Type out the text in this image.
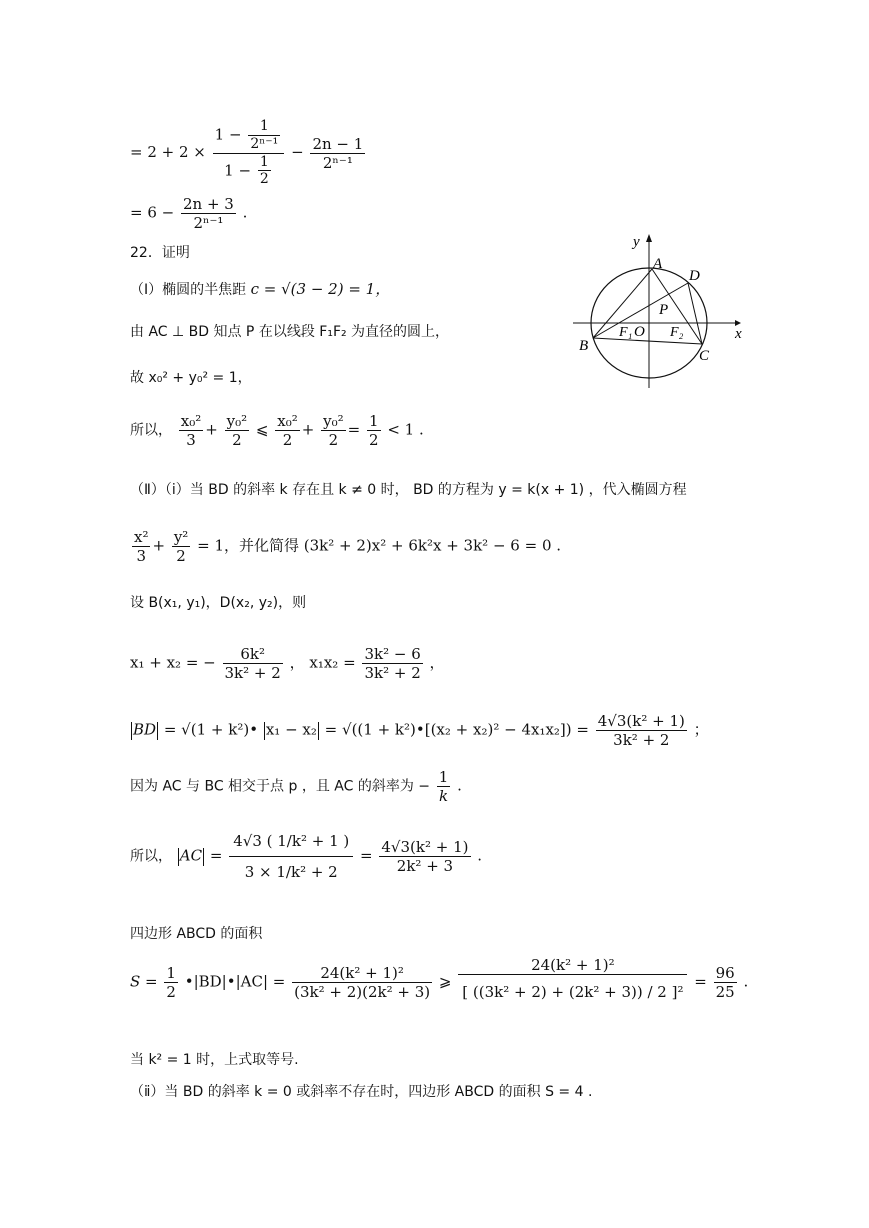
= $2 + 2 \times \frac{1 - \frac{1}{\text{2ⁿ⁻¹}}}{1 - \frac{1}{2}} - \frac{2n - 1}{\text{2ⁿ⁻¹}}$
= $6 - \frac{2n + 3}{\text{2ⁿ⁻¹}}$ .
22．证明
（Ⅰ）椭圆的半焦距 c = √(3 − 2) = 1，
由 AC ⊥ BD 知点 P 在以线段 F₁F₂ 为直径的圆上，
故 x₀² + y₀² = 1，
所以， $\frac{\text{x₀²}}{3} + \frac{\text{y₀²}}{2}$ ⩽ $\frac{\text{x₀²}}{2} + \frac{\text{y₀²}}{2} = \frac{1}{2} < 1$ .
（Ⅱ）（ⅰ）当 BD 的斜率 k 存在且 k ≠ 0 时， BD 的方程为 y = k(x + 1) ，代入椭圆方程
$\frac{\text{x²}}{3} + \frac{\text{y²}}{2} = 1$，并化简得 (3k² + 2)x² + 6k²x + 3k² − 6 = 0 .
设 B(x₁, y₁)，D(x₂, y₂)，则
x₁ + x₂ = − $\frac{\text{6k²}}{\text{3k² + 2}}$ ， $x_1x_2 = \frac{\text{3k² − 6}}{\text{3k² + 2}}$ ，
BD = √(1 + k²)• x₁ − x₂ = √((1 + k²)•[(x₂ + $x_2)^2 - 4x_1x_2]) = \frac{\text{4√3(k² + 1)}}{\text{3k² + 2}}$ ；
因为 AC 与 BC 相交于点 p ，且 AC 的斜率为 − $\frac{1}{k}$ .
所以， AC = $\frac{\text{4√3 ( 1/k² + 1 )}}{\text{3 × 1/k² + 2}} = \frac{\text{4√3(k² + 1)}}{\text{2k² + 3}}$ .
四边形 ABCD 的面积
$S = \frac{1}{2}$ •|BD|•|AC| = $\frac{\text{24(k² + 1)²}}{\text{(3k² + 2)(2k² + 3)}}$ ⩾ $\frac{\text{24(k² + 1)²}}{\text{[ ((3k² + 2) + (2k² + 3)) / 2 ]²}} = \frac{96}{25}$ .
当 k² = 1 时，上式取等号.
（ⅱ）当 BD 的斜率 k = 0 或斜率不存在时，四边形 ABCD 的面积 S = 4 .
x
y
A
B
C
D
P
O
F₁	F₂
